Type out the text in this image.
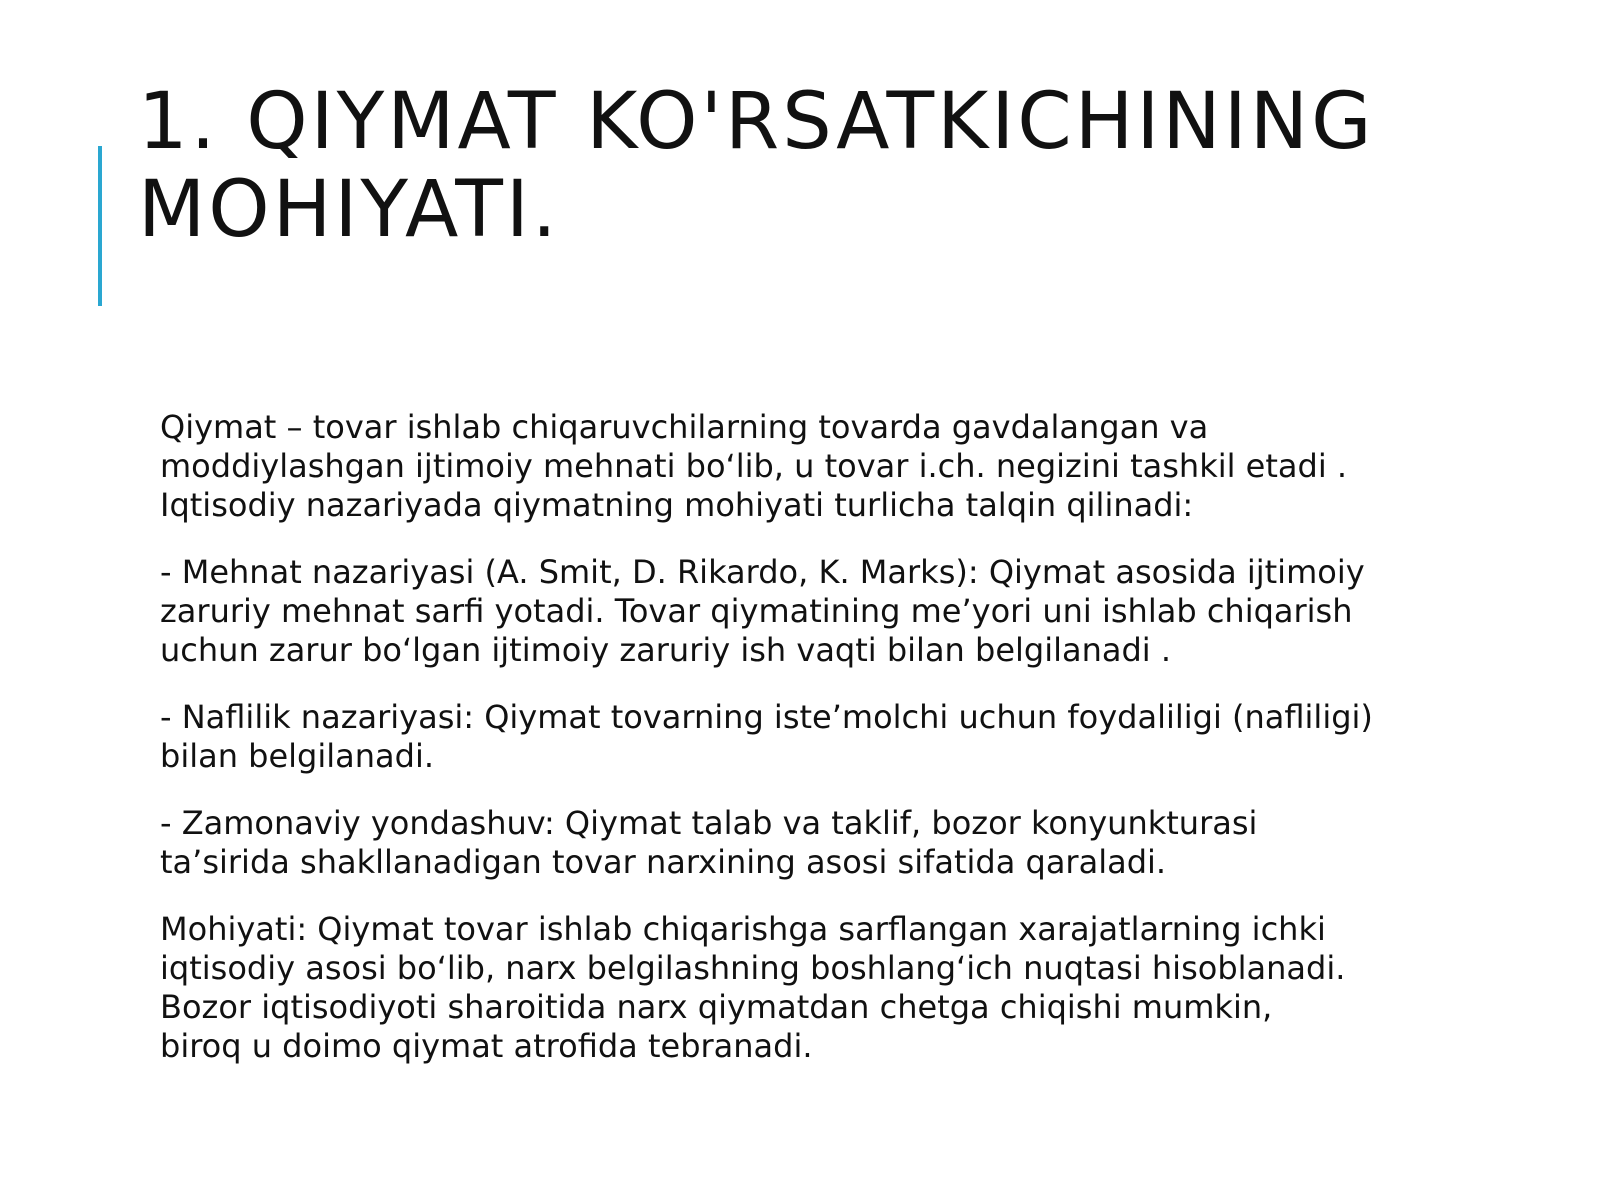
1. QIYMAT KO'RSATKICHINING
MOHIYATI.

Qiymat – tovar ishlab chiqaruvchilarning tovarda gavdalangan va
moddiylashgan ijtimoiy mehnati boʻlib, u tovar i.ch. negizini tashkil etadi .
Iqtisodiy nazariyada qiymatning mohiyati turlicha talqin qilinadi:

- Mehnat nazariyasi (A. Smit, D. Rikardo, K. Marks): Qiymat asosida ijtimoiy
zaruriy mehnat sarfi yotadi. Tovar qiymatining me’yori uni ishlab chiqarish
uchun zarur boʻlgan ijtimoiy zaruriy ish vaqti bilan belgilanadi .

- Naflilik nazariyasi: Qiymat tovarning iste’molchi uchun foydaliligi (nafliligi)
bilan belgilanadi.

- Zamonaviy yondashuv: Qiymat talab va taklif, bozor konyunkturasi
ta’sirida shakllanadigan tovar narxining asosi sifatida qaraladi.

Mohiyati: Qiymat tovar ishlab chiqarishga sarflangan xarajatlarning ichki
iqtisodiy asosi boʻlib, narx belgilashning boshlangʻich nuqtasi hisoblanadi.
Bozor iqtisodiyoti sharoitida narx qiymatdan chetga chiqishi mumkin,
biroq u doimo qiymat atrofida tebranadi.
